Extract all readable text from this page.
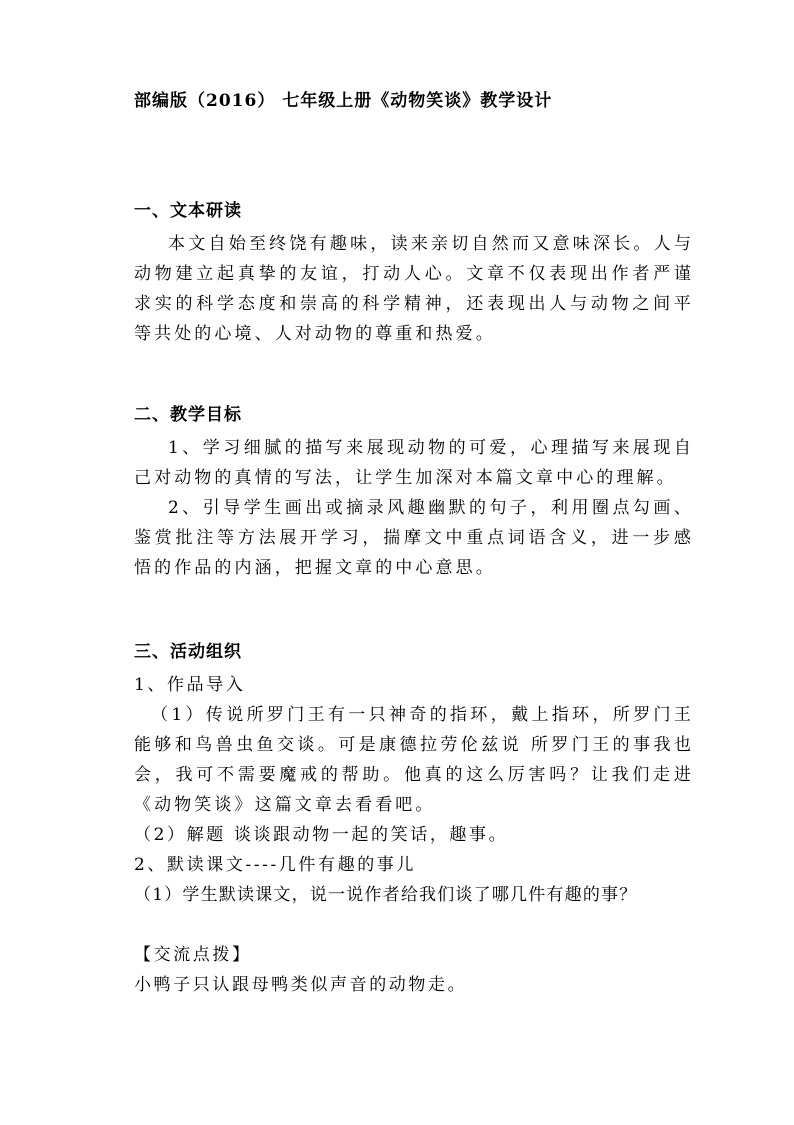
部编版（2016） 七年级上册《动物笑谈》教学设计
一、文本研读

本文自始至终饶有趣味，读来亲切自然而又意味深长。人与动物建立起真挚的友谊，打动人心。文章不仅表现出作者严谨求实的科学态度和崇高的科学精神，还表现出人与动物之间平等共处的心境、人对动物的尊重和热爱。

二、教学目标

1、学习细腻的描写来展现动物的可爱，心理描写来展现自己对动物的真情的写法，让学生加深对本篇文章中心的理解。

2、引导学生画出或摘录风趣幽默的句子，利用圈点勾画、鉴赏批注等方法展开学习，揣摩文中重点词语含义，进一步感悟的作品的内涵，把握文章的中心意思。

三、活动组织
1、作品导入

（1）传说所罗门王有一只神奇的指环，戴上指环，所罗门王能够和鸟兽虫鱼交谈。可是康德拉劳伦兹说 所罗门王的事我也会，我可不需要魔戒的帮助。他真的这么厉害吗？让我们走进《动物笑谈》这篇文章去看看吧。

（2）解题 谈谈跟动物一起的笑话，趣事。
2、默读课文----几件有趣的事儿
（1）学生默读课文，说一说作者给我们谈了哪几件有趣的事？
【交流点拨】
小鸭子只认跟母鸭类似声音的动物走。
